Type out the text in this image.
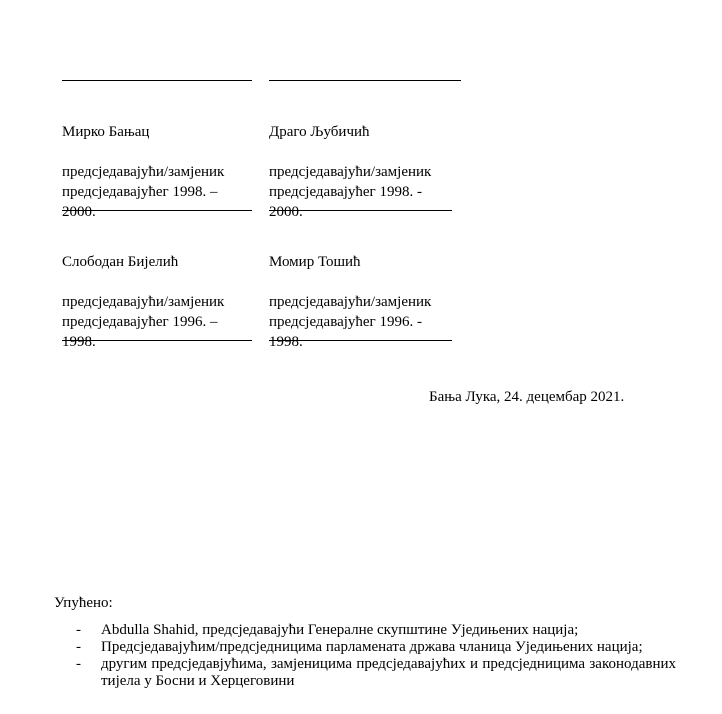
Мирко Бањац

предсједавајући/замјеник
предсједавајућег 1998. –
2000.

Драго Љубичић

предсједавајући/замјеник
предсједавајућег 1998. -
2000.

Слободан Бијелић

предсједавајући/замјеник
предсједавајућег 1996. –
1998.

Момир Тошић

предсједавајући/замјеник
предсједавајућег 1996. -
1998.

Бања Лука, 24. децембар 2021.
Упућено:
- Abdulla Shahid, предсједавајући Генералне скупштине Уједињених нација;
- Предсједавајућим/предсједницима парламената држава чланица Уједињених нација;
- другим предсједавјућима, замјеницима предсједавајућих и предсједницима законодавних тијела у Босни и Херцеговини
